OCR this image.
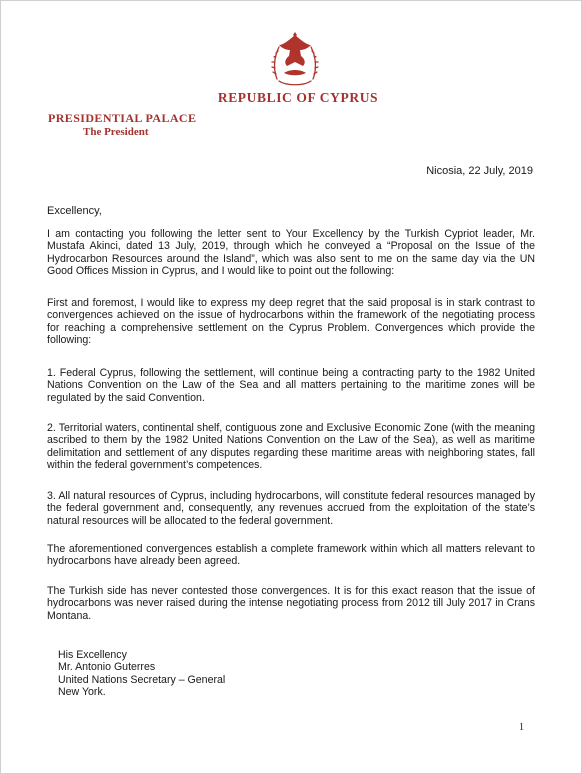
REPUBLIC OF CYPRUS
PRESIDENTIAL PALACE
The President
Nicosia, 22 July, 2019
Excellency,

I am contacting you following the letter sent to Your Excellency by the Turkish Cypriot leader, Mr. Mustafa Akinci, dated 13 July, 2019, through which he conveyed a “Proposal on the Issue of the Hydrocarbon Resources around the Island”, which was also sent to me on the same day via the UN Good Offices Mission in Cyprus, and I would like to point out the following:

First and foremost, I would like to express my deep regret that the said proposal is in stark contrast to convergences achieved on the issue of hydrocarbons within the framework of the negotiating process for reaching a comprehensive settlement on the Cyprus Problem. Convergences which provide the following:

1. Federal Cyprus, following the settlement, will continue being a contracting party to the 1982 United Nations Convention on the Law of the Sea and all matters pertaining to the maritime zones will be regulated by the said Convention.

2. Territorial waters, continental shelf, contiguous zone and Exclusive Economic Zone (with the meaning ascribed to them by the 1982 United Nations Convention on the Law of the Sea), as well as maritime delimitation and settlement of any disputes regarding these maritime areas with neighboring states, fall within the federal government’s competences.

3. All natural resources of Cyprus, including hydrocarbons, will constitute federal resources managed by the federal government and, consequently, any revenues accrued from the exploitation of the state’s natural resources will be allocated to the federal government.

The aforementioned convergences establish a complete framework within which all matters relevant to hydrocarbons have already been agreed.

The Turkish side has never contested those convergences. It is for this exact reason that the issue of hydrocarbons was never raised during the intense negotiating process from 2012 till July 2017 in Crans Montana.

His Excellency
Mr. Antonio Guterres
United Nations Secretary – General
New York.
1
